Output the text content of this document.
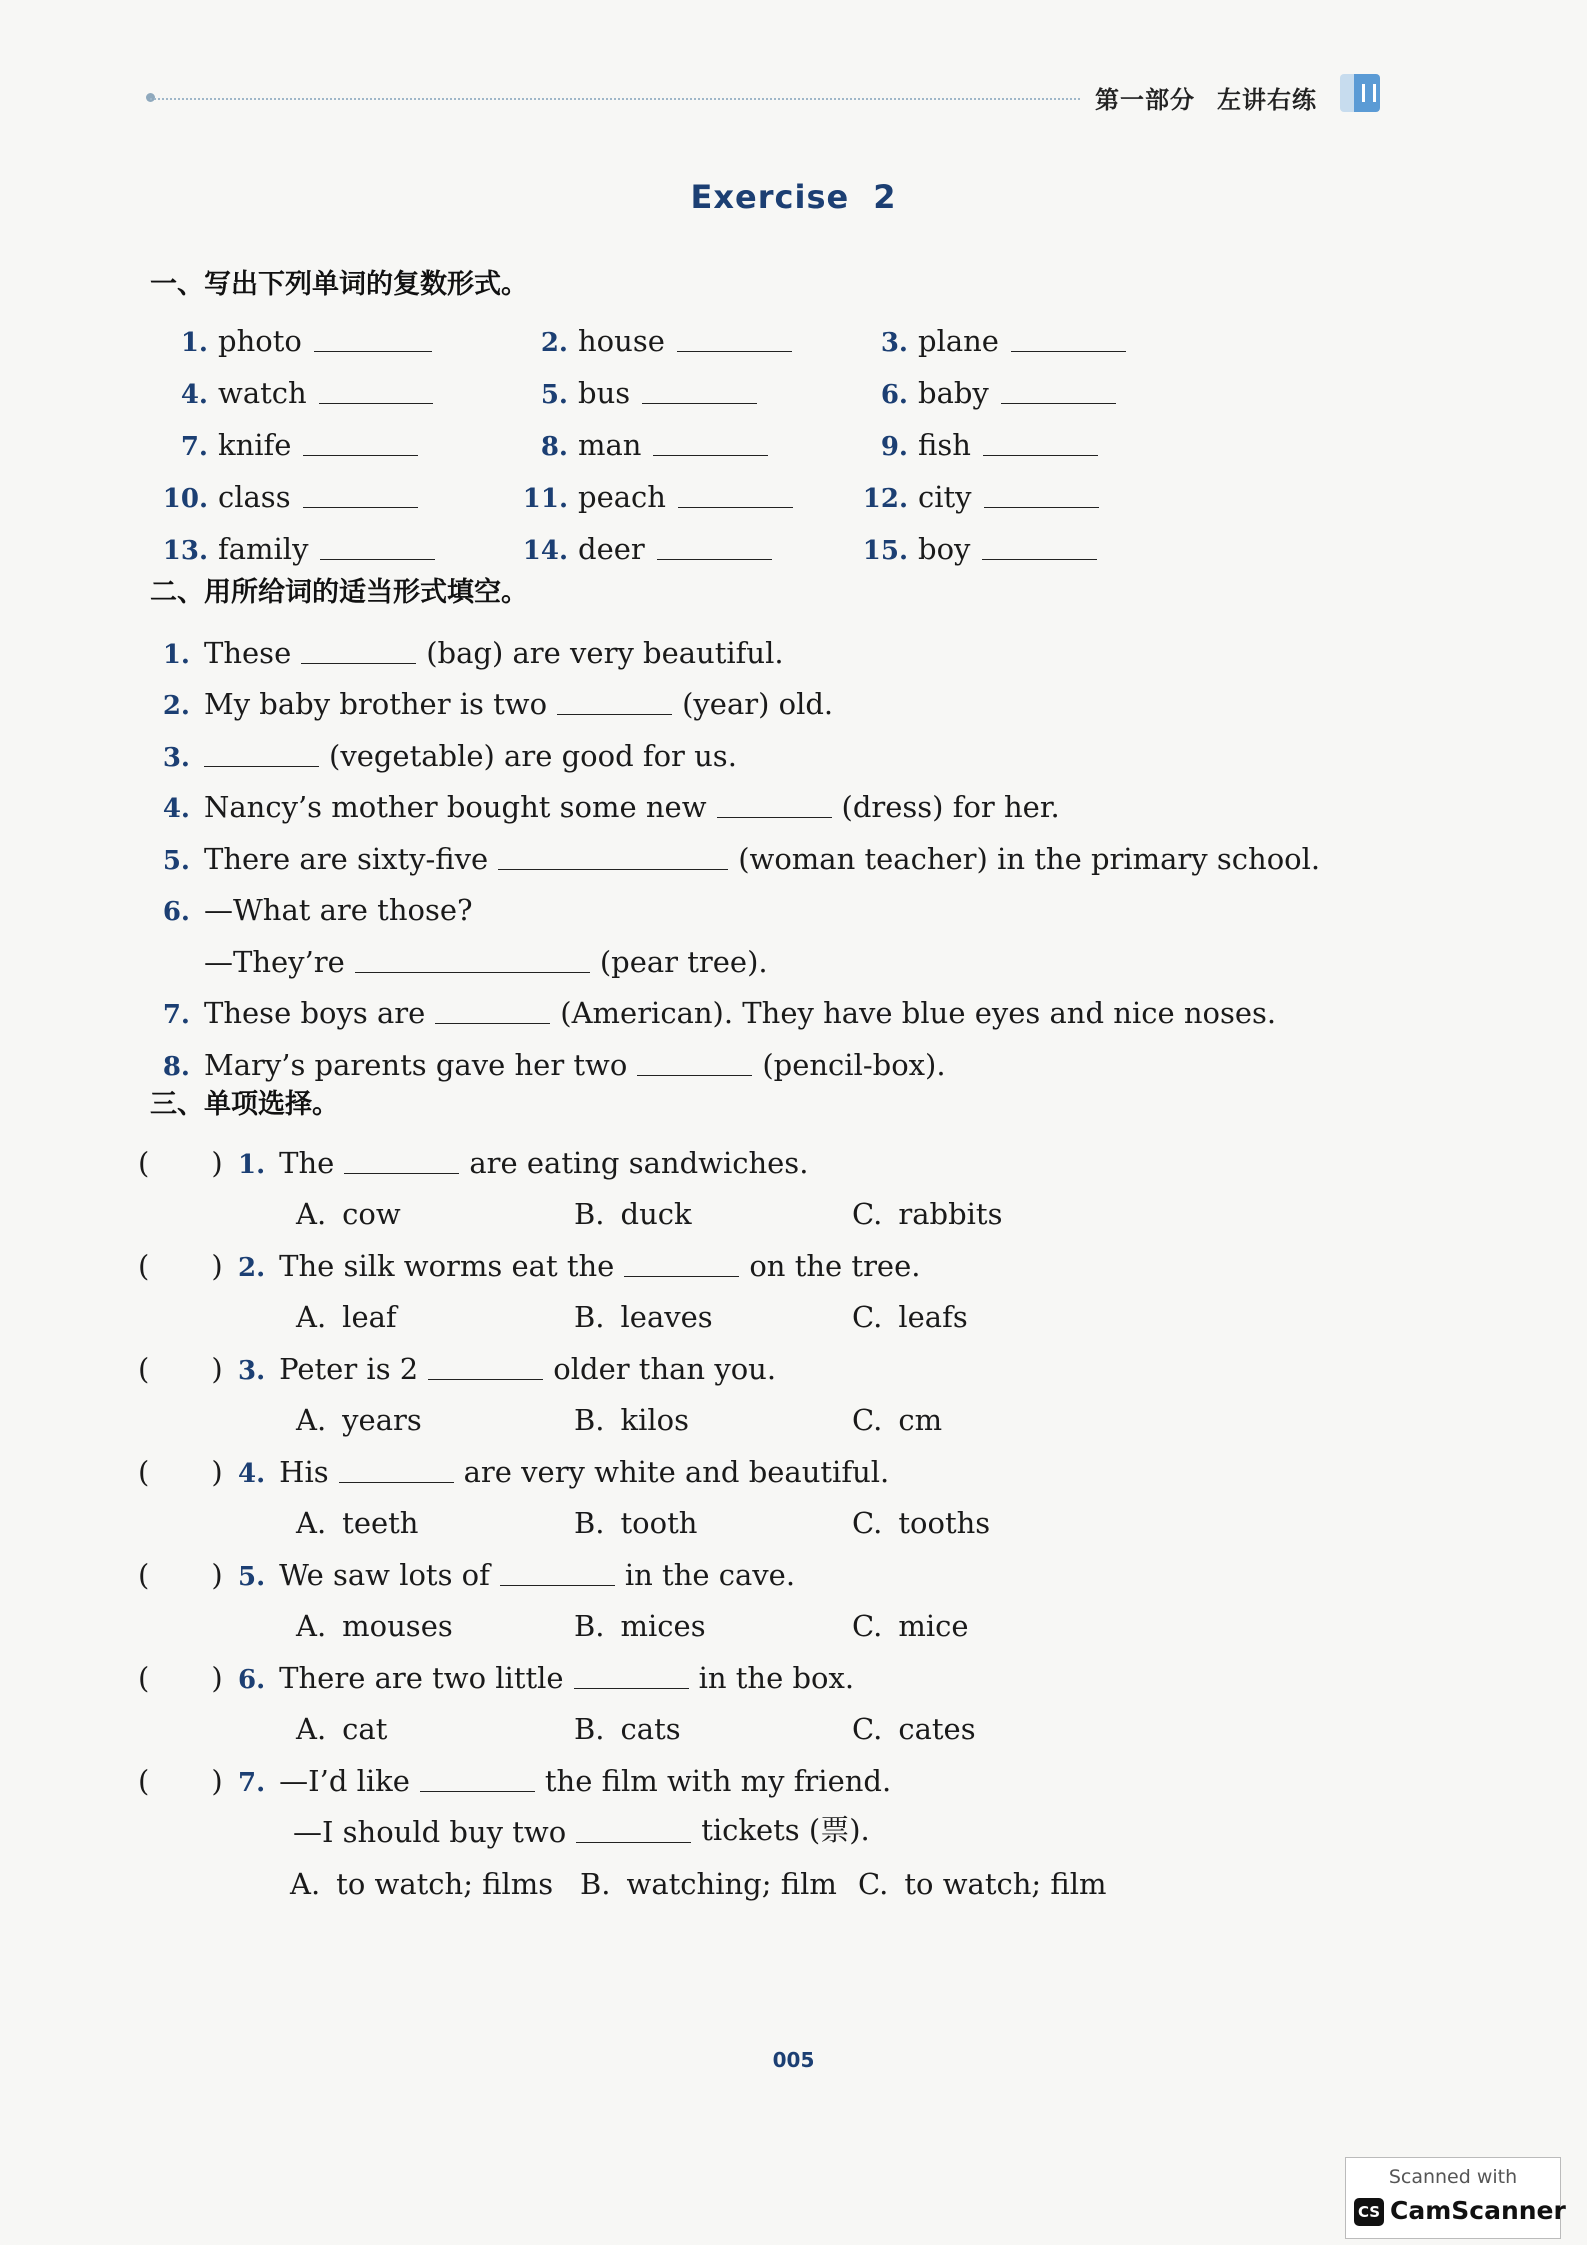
第一部分 左讲右练
Exercise 2
一、写出下列单词的复数形式。
1. photo	2. house	3. plane
4. watch	5. bus	6. baby
7. knife	8. man	9. fish
10. class	11. peach	12. city
13. family	14. deer	15. boy
二、用所给词的适当形式填空。
1. These	(bag) are very beautiful.
2. My baby brother is two	(year) old.
3.	(vegetable) are good for us.
4. Nancy’s mother bought some new	(dress) for her.
5. There are sixty-five	(woman teacher) in the primary school.
6. —What are those?
—They’re	(pear tree).
7. These boys are	(American). They have blue eyes and nice noses.
8. Mary’s parents gave her two	(pencil-box).
三、单项选择。
( ) 1. The	are eating sandwiches.
A. cow	B. duck	C. rabbits
( ) 2. The silk worms eat the	on the tree.
A. leaf	B. leaves	C. leafs
( ) 3. Peter is 2	older than you.
A. years	B. kilos	C. cm
( ) 4. His	are very white and beautiful.
A. teeth	B. tooth	C. tooths
( ) 5. We saw lots of	in the cave.
A. mouses	B. mices	C. mice
( ) 6. There are two little	in the box.
A. cat	B. cats	C. cates
( ) 7. —I’d like	the film with my friend.
—I should buy two	tickets (票).
A. to watch; films B. watching; film C. to watch; film
005
Scanned with
CS CamScanner
